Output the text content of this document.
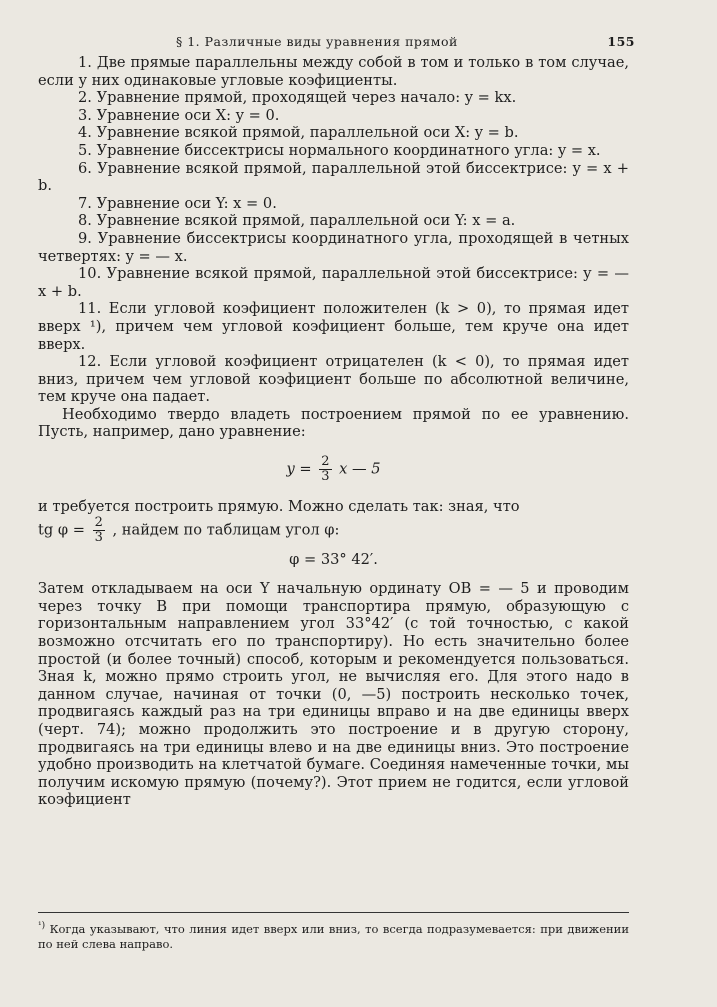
§ 1. Различные виды уравнения прямой	155

1. Две прямые параллельны между собой в том и только в том случае, если у них одинаковые угловые коэфициенты.

2. Уравнение прямой, проходящей через начало: y = kx.

3. Уравнение оси X: y = 0.

4. Уравнение всякой прямой, параллельной оси X: y = b.

5. Уравнение биссектрисы нормального координатного угла: y = x.

6. Уравнение всякой прямой, параллельной этой биссектрисе: y = x + b.

7. Уравнение оси Y: x = 0.

8. Уравнение всякой прямой, параллельной оси Y: x = a.

9. Уравнение биссектрисы координатного угла, проходящей в четных четвертях: y = — x.

10. Уравнение всякой прямой, параллельной этой биссектрисе: y = — x + b.

11. Если угловой коэфициент положителен (k > 0), то прямая идет вверх ¹), причем чем угловой коэфициент больше, тем круче она идет вверх.

12. Если угловой коэфициент отрицателен (k < 0), то прямая идет вниз, причем чем угловой коэфициент больше по абсолютной величине, тем круче она падает.

Необходимо твердо владеть построением прямой по ее уравнению. Пусть, например, дано уравнение:

$y = \frac{2}{3}$ x — 5

и требуется построить прямую. Можно сделать так: зная, что

tg $\varphi = \frac{2}{3}$ , найдем по таблицам угол φ:

φ = 33° 42′.

Затем откладываем на оси Y начальную ординату OB = — 5 и проводим через точку B при помощи транспортира прямую, образующую с горизонтальным направлением угол 33°42′ (с той точностью, с какой возможно отсчитать его по транспортиру). Но есть значительно более простой (и более точный) способ, которым и рекомендуется пользоваться. Зная k, можно прямо строить угол, не вычисляя его. Для этого надо в данном случае, начиная от точки (0, —5) построить несколько точек, продвигаясь каждый раз на три единицы вправо и на две единицы вверх (черт. 74); можно продолжить это построение и в другую сторону, продвигаясь на три единицы влево и на две единицы вниз. Это построение удобно производить на клетчатой бумаге. Соединяя намеченные точки, мы получим искомую прямую (почему?). Этот прием не годится, если угловой коэфициент

$^{^1)}$ Когда указывают, что линия идет вверх или вниз, то всегда подразумевается: при движении по ней слева направо.
